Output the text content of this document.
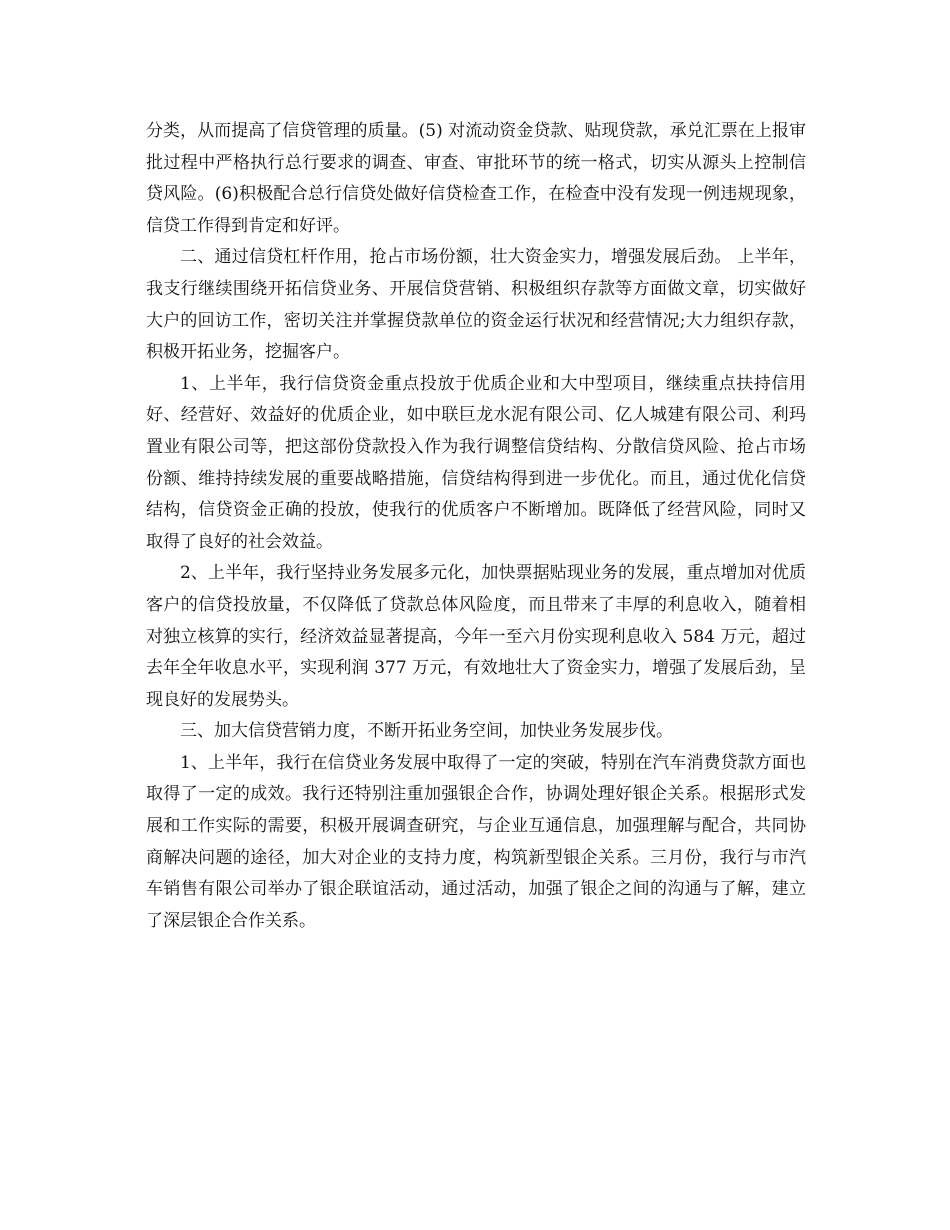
分类，从而提高了信贷管理的质量。(5) 对流动资金贷款、贴现贷款，承兑汇票在上报审批过程中严格执行总行要求的调查、审查、审批环节的统一格式，切实从源头上控制信贷风险。(6)积极配合总行信贷处做好信贷检查工作，在检查中没有发现一例违规现象，信贷工作得到肯定和好评。

二、通过信贷杠杆作用，抢占市场份额，壮大资金实力，增强发展后劲。 上半年，我支行继续围绕开拓信贷业务、开展信贷营销、积极组织存款等方面做文章，切实做好大户的回访工作，密切关注并掌握贷款单位的资金运行状况和经营情况;大力组织存款，积极开拓业务，挖掘客户。

1、上半年，我行信贷资金重点投放于优质企业和大中型项目，继续重点扶持信用好、经营好、效益好的优质企业，如中联巨龙水泥有限公司、亿人城建有限公司、利玛置业有限公司等，把这部份贷款投入作为我行调整信贷结构、分散信贷风险、抢占市场份额、维持持续发展的重要战略措施，信贷结构得到进一步优化。而且，通过优化信贷结构，信贷资金正确的投放，使我行的优质客户不断增加。既降低了经营风险，同时又取得了良好的社会效益。

2、上半年，我行坚持业务发展多元化，加快票据贴现业务的发展，重点增加对优质客户的信贷投放量，不仅降低了贷款总体风险度，而且带来了丰厚的利息收入，随着相对独立核算的实行，经济效益显著提高，今年一至六月份实现利息收入 584 万元，超过去年全年收息水平，实现利润 377 万元，有效地壮大了资金实力，增强了发展后劲，呈现良好的发展势头。

三、加大信贷营销力度，不断开拓业务空间，加快业务发展步伐。

1、上半年，我行在信贷业务发展中取得了一定的突破，特别在汽车消费贷款方面也取得了一定的成效。我行还特别注重加强银企合作，协调处理好银企关系。根据形式发展和工作实际的需要，积极开展调查研究，与企业互通信息，加强理解与配合，共同协商解决问题的途径，加大对企业的支持力度，构筑新型银企关系。三月份，我行与市汽车销售有限公司举办了银企联谊活动，通过活动，加强了银企之间的沟通与了解，建立了深层银企合作关系。
